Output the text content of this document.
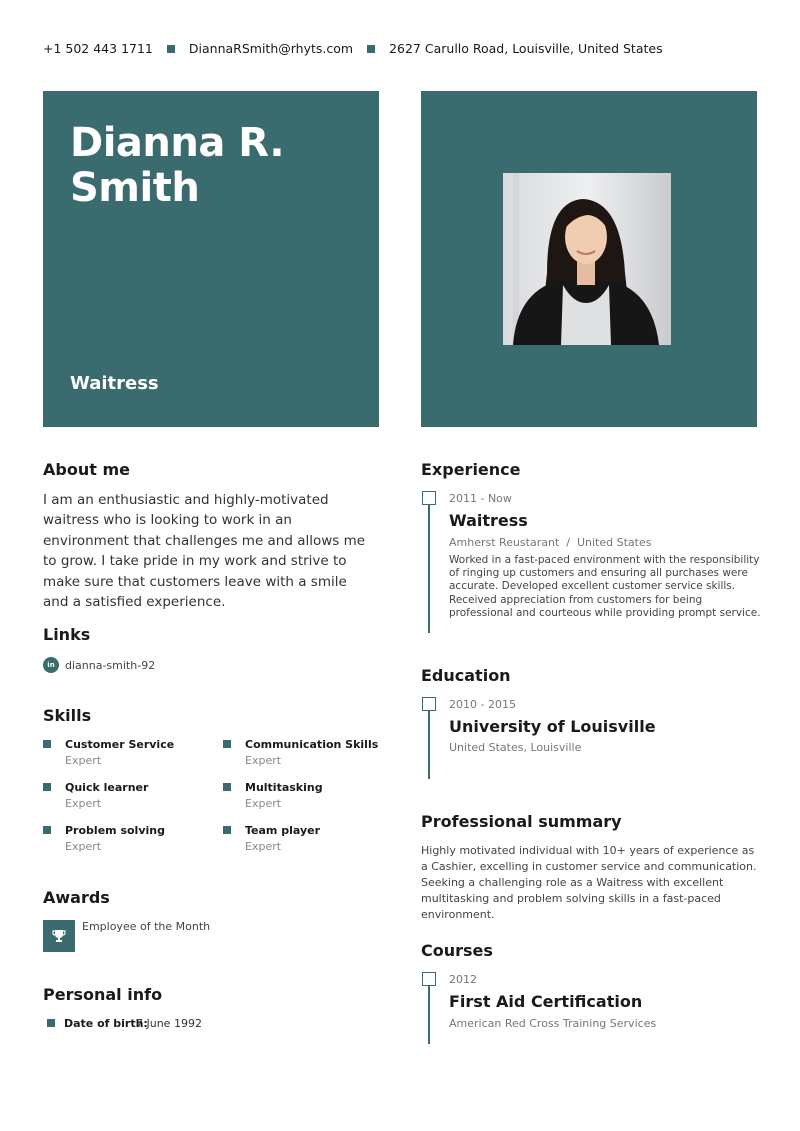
+1 502 443 1711	DiannaRSmith@rhyts.com	2627 Carullo Road, Louisville, United States
Dianna R.
Smith
Waitress
About me
I am an enthusiastic and highly-motivated waitress who is looking to work in an environment that challenges me and allows me to grow. I take pride in my work and strive to make sure that customers leave with a smile and a satisfied experience.
Links
in dianna-smith-92
Skills
Customer Service
Expert
Communication Skills
Expert
Quick learner
Expert
Multitasking
Expert
Problem solving
Expert
Team player
Expert
Awards
Employee of the Month
Personal info
Date of birth:
7 June 1992
Experience
2011 - Now
Waitress
Amherst Reustarant  /  United States
Worked in a fast-paced environment with the responsibility of ringing up customers and ensuring all purchases were accurate. Developed excellent customer service skills. Received appreciation from customers for being professional and courteous while providing prompt service.
Education
2010 - 2015
University of Louisville
United States, Louisville
Professional summary
Highly motivated individual with 10+ years of experience as a Cashier, excelling in customer service and communication. Seeking a challenging role as a Waitress with excellent multitasking and problem solving skills in a fast-paced environment.
Courses
2012
First Aid Certification
American Red Cross Training Services
